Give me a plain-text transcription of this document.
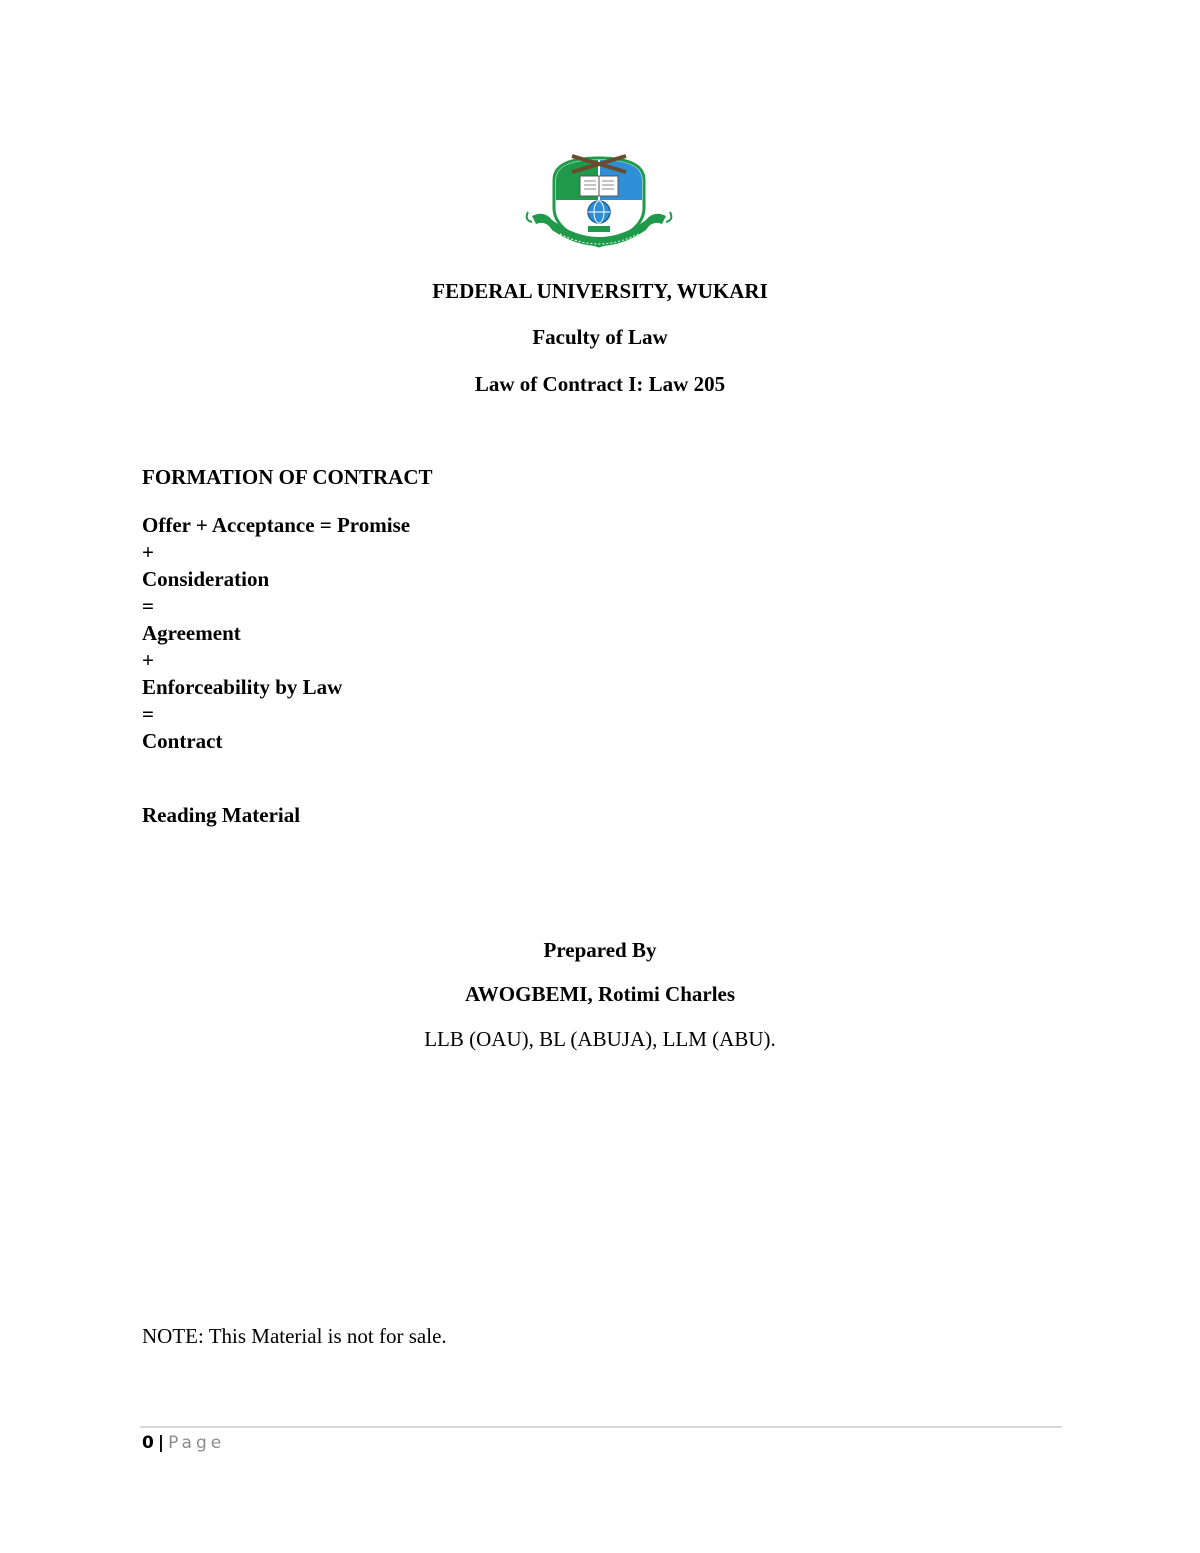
FEDERAL UNIVERSITY, WUKARI
Faculty of Law
Law of Contract I: Law 205
FORMATION OF CONTRACT
Offer + Acceptance = Promise
+
Consideration
=
Agreement
+
Enforceability by Law
=
Contract
Reading Material
Prepared By
AWOGBEMI, Rotimi Charles
LLB (OAU), BL (ABUJA), LLM (ABU).
NOTE: This Material is not for sale.
0 | Page
